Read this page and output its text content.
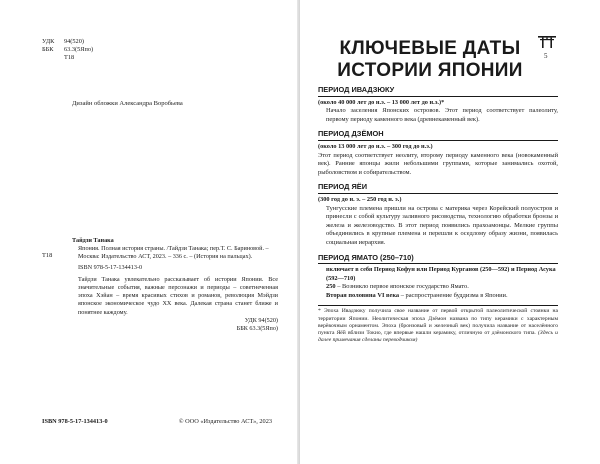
УДК	94(520)
ББК	63.3(5Япо)
Т18
Дизайн обложки Александра Воробьева
Т18
Тайдзи Танака
Япония. Полная история страны. /Тайдзи Танака; пер.Т. С. Бариновой. – Москва: Издательство АСТ, 2023. – 336 с. – (История на пальцах).
ISBN 978-5-17-134413-0
Тайдзи Танака увлекательно рассказывает об истории Японии. Все значительные события, важные персонажи и периоды – советнеченная эпоха Хэйан – время красивых стихов и романов, революция Мэйдзи японское экономическое чудо XX века. Далекая страна станет ближе и понятнее каждому.
УДК 94(520)
ББК 63.3(5Япо)
ISBN 978-5-17-134413-0	© ООО «Издательство АСТ», 2023
5
КЛЮЧЕВЫЕ ДАТЫ
ИСТОРИИ ЯПОНИИ
ПЕРИОД ИВАДЗЮКУ
(около 40 000 лет до н.э. – 13 000 лет до н.э.)*
Начало заселения Японских островов. Этот период соответствует палеолиту, первому периоду каменного века (древнекаменный век).
ПЕРИОД ДЗЁМОН
(около 13 000 лет до н.э. – 300 год до н.э.)
Этот период соответствует неолиту, второму периоду каменного века (новокаменный век). Ранние японцы жили небольшими группами, которые занимались охотой, рыболовством и собирательством.
ПЕРИОД ЯЁИ
(300 год до н. э. – 250 год н. э.)
Тунгусские племена пришли на острова с материка через Корейский полуостров и принесли с собой культуру заливного рисоводства, технологию обработки бронзы и железа и железоводство. В этот период появились прахоамонцы. Мелкие группы объединились в крупные племена и перешли к оседлому образу жизни, появилась социальная иерархия.
ПЕРИОД ЯМАТО (250–710)
включает в себя Период Кофун или Период Курганов (250—592) и Период Асука (592—710)
250 – Возникло первое японское государство Ямато.
Вторая половина VI века – распространение буддизма в Японии.
* Эпоха Ивадзюку получила свое название от первой открытой палеолитической стоянки на территории Японии. Неолитическая эпоха Дзёмон названа по типу керамики с характерным верёвочным орнаментом. Эпоха (бронзовый и железный век) получила название от населённого пункта Яёй вблизи Токио, где впервые нашли керамику, отличную от дзёмонского типа. (Здесь и далее примечания сделаны переводчиком)
